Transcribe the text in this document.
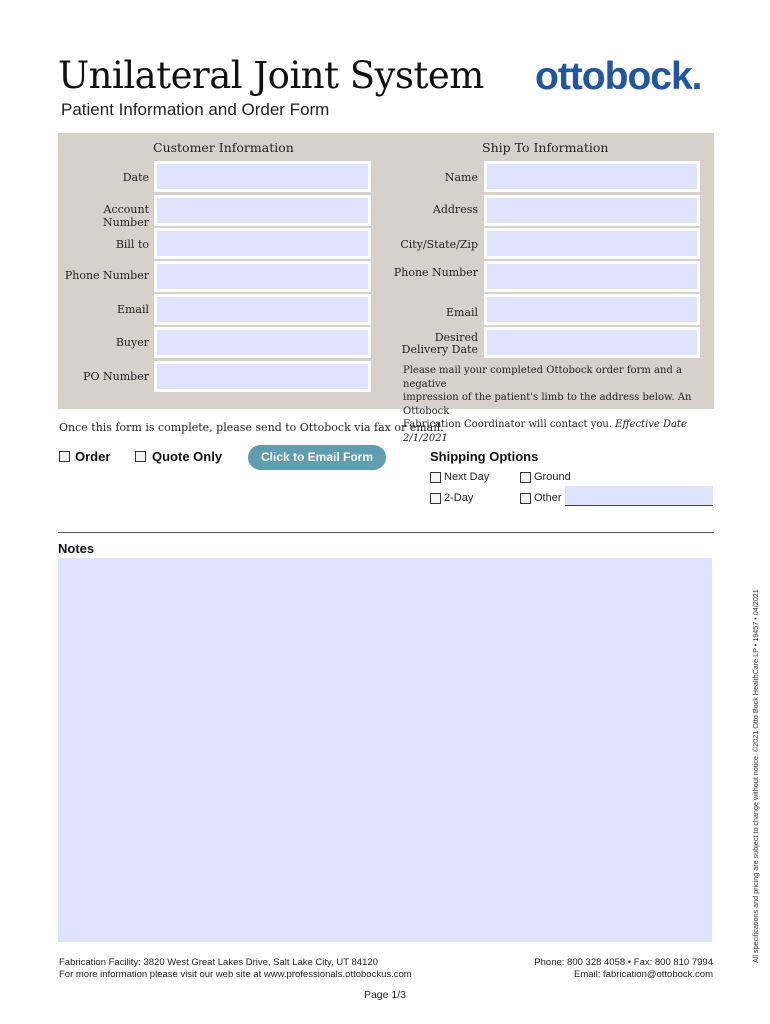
Unilateral Joint System
Patient Information and Order Form
ottobock.
Customer Information	Ship To Information
Date
Account Number
Bill to
Phone Number
Email
Buyer
PO Number
Name
Address
City/State/Zip
Phone Number
Email
Desired
Delivery Date
Please mail your completed Ottobock order form and a negative
impression of the patient's limb to the address below. An Ottobock
Fabrication Coordinator will contact you. Effective Date 2/1/2021
Once this form is complete, please send to Ottobock via fax or email.
Order	Quote Only	Click to Email Form	Shipping Options
Next Day	Ground
2-Day	Other
Notes
Fabrication Facility: 3820 West Great Lakes Drive, Salt Lake City, UT 84120
For more information please visit our web site at www.professionals.ottobockus.com
Phone: 800 328 4058 • Fax: 800 810 7994
Email: fabrication@ottobock.com
Page 1/3
All specifications and pricing are subject to change without notice. ©2021 Otto Bock HealthCare LP • 19457 • 04/2021
